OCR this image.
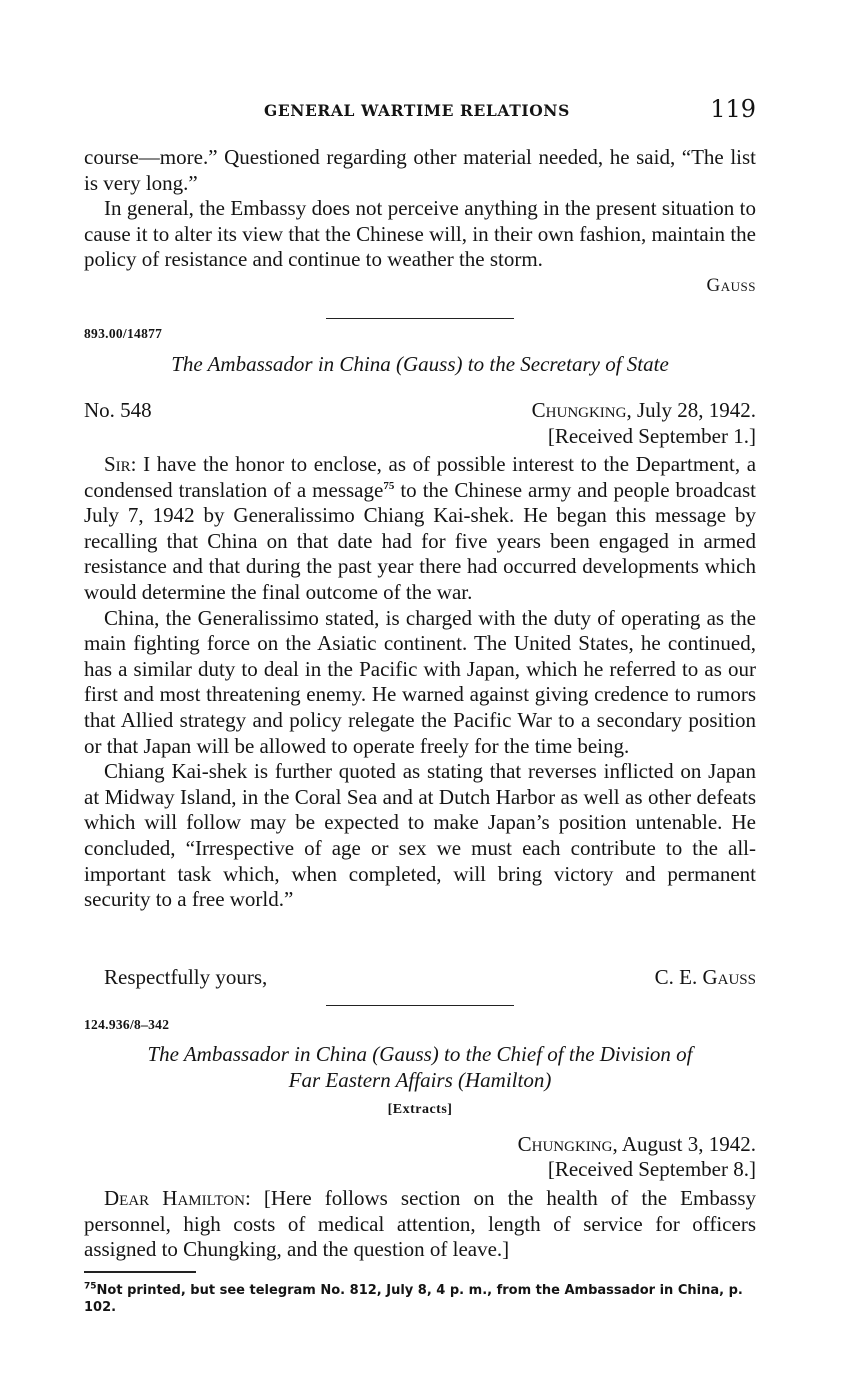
GENERAL WARTIME RELATIONS	119

course—more.” Questioned regarding other material needed, he said, “The list is very long.”

In general, the Embassy does not perceive anything in the present situation to cause it to alter its view that the Chinese will, in their own fashion, maintain the policy of resistance and continue to weather the storm.

Gauss
893.00/14877
The Ambassador in China (Gauss) to the Secretary of State
No. 548	Chungking, July 28, 1942.
[Received September 1.]

Sir: I have the honor to enclose, as of possible interest to the Department, a condensed translation of a message$^{75}$ to the Chinese army and people broadcast July 7, 1942 by Generalissimo Chiang Kai-shek. He began this message by recalling that China on that date had for five years been engaged in armed resistance and that during the past year there had occurred developments which would determine the final outcome of the war.

China, the Generalissimo stated, is charged with the duty of operating as the main fighting force on the Asiatic continent. The United States, he continued, has a similar duty to deal in the Pacific with Japan, which he referred to as our first and most threatening enemy. He warned against giving credence to rumors that Allied strategy and policy relegate the Pacific War to a secondary position or that Japan will be allowed to operate freely for the time being.

Chiang Kai-shek is further quoted as stating that reverses inflicted on Japan at Midway Island, in the Coral Sea and at Dutch Harbor as well as other defeats which will follow may be expected to make Japan’s position untenable. He concluded, “Irrespective of age or sex we must each contribute to the all-important task which, when completed, will bring victory and permanent security to a free world.”

Respectfully yours,	C. E. Gauss
124.936/8–342
The Ambassador in China (Gauss) to the Chief of the Division of
Far Eastern Affairs (Hamilton)
[Extracts]
Chungking, August 3, 1942.
[Received September 8.]

Dear Hamilton: [Here follows section on the health of the Embassy personnel, high costs of medical attention, length of service for officers assigned to Chungking, and the question of leave.]

$^{75}$Not printed, but see telegram No. 812, July 8, 4 p. m., from the Ambassador in China, p. 102.
